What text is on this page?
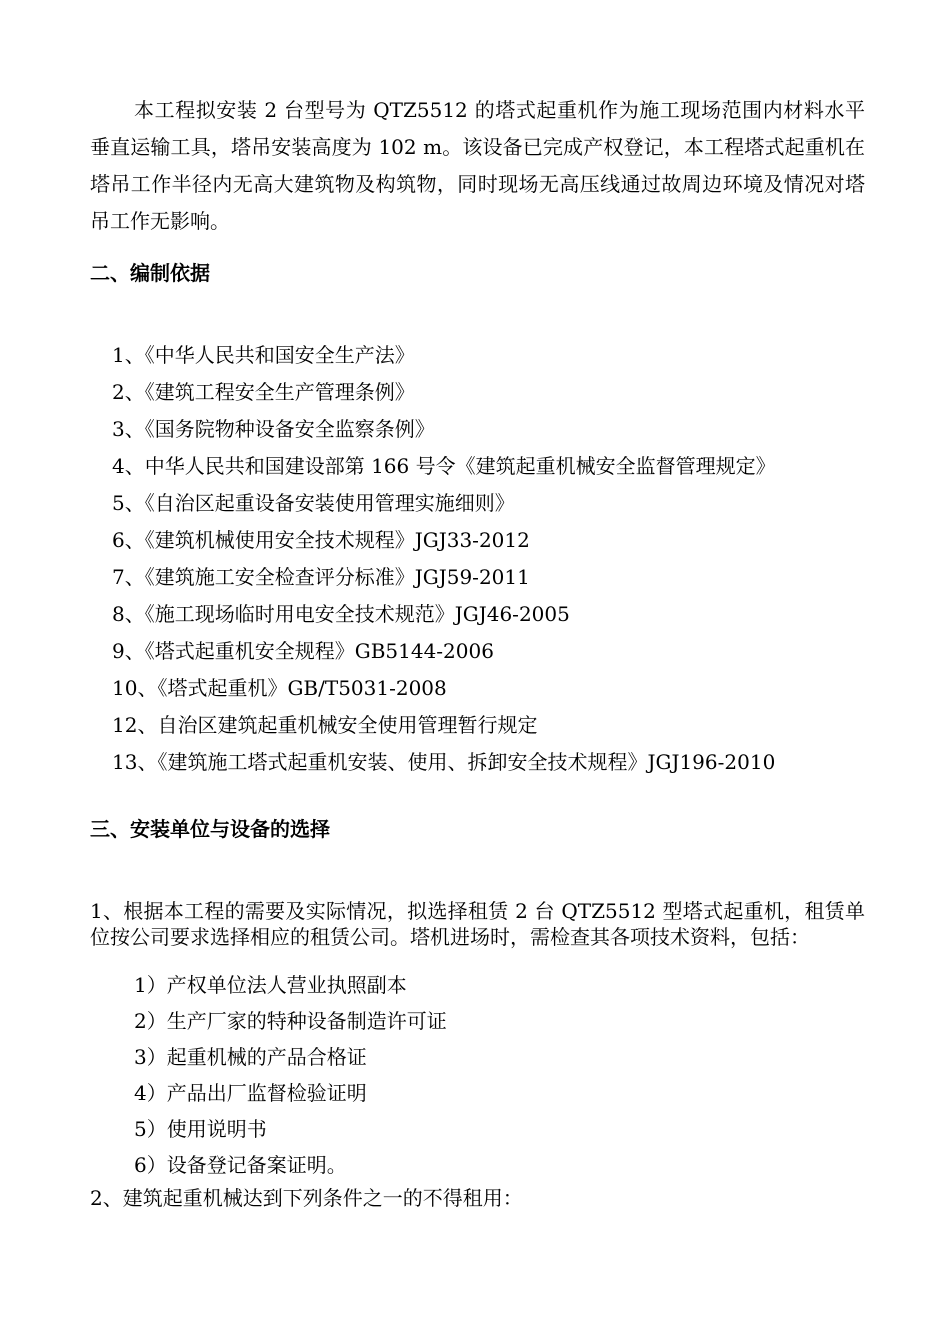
本工程拟安装 2 台型号为 QTZ5512 的塔式起重机作为施工现场范围内材料水平垂直运输工具，塔吊安装高度为 102 m。该设备已完成产权登记，本工程塔式起重机在塔吊工作半径内无高大建筑物及构筑物，同时现场无高压线通过故周边环境及情况对塔吊工作无影响。

二、编制依据
1、《中华人民共和国安全生产法》
2、《建筑工程安全生产管理条例》
3、《国务院物种设备安全监察条例》
4、中华人民共和国建设部第 166 号令《建筑起重机械安全监督管理规定》
5、《自治区起重设备安装使用管理实施细则》
6、《建筑机械使用安全技术规程》JGJ33-2012
7、《建筑施工安全检查评分标准》JGJ59-2011
8、《施工现场临时用电安全技术规范》JGJ46-2005
9、《塔式起重机安全规程》GB5144-2006
10、《塔式起重机》GB/T5031-2008
12、自治区建筑起重机械安全使用管理暂行规定
13、《建筑施工塔式起重机安装、使用、拆卸安全技术规程》JGJ196-2010
三、安装单位与设备的选择

1、根据本工程的需要及实际情况，拟选择租赁 2 台 QTZ5512 型塔式起重机，租赁单位按公司要求选择相应的租赁公司。塔机进场时，需检查其各项技术资料，包括：

1）产权单位法人营业执照副本
2）生产厂家的特种设备制造许可证
3）起重机械的产品合格证
4）产品出厂监督检验证明
5）使用说明书
6）设备登记备案证明。

2、建筑起重机械达到下列条件之一的不得租用：
